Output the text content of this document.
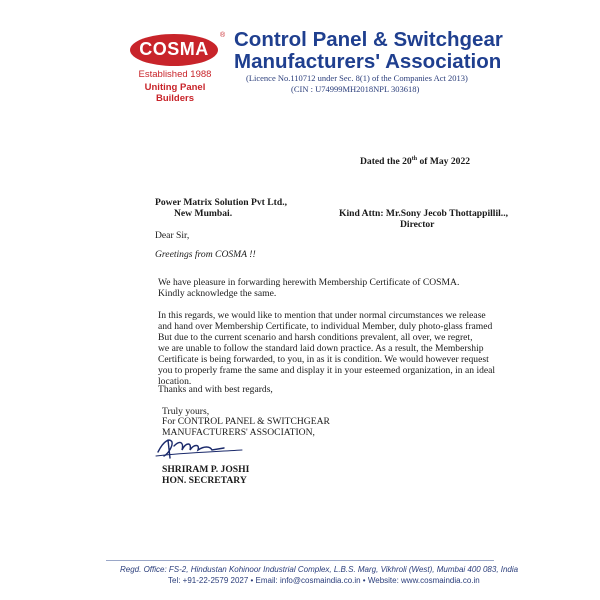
COSMA
®
Established 1988
Uniting Panel Builders
Control Panel & Switchgear
Manufacturers' Association
(Licence No.110712 under Sec. 8(1) of the Companies Act 2013)
(CIN : U74999MH2018NPL 303618)
Dated the 20th of May 2022
Power Matrix Solution Pvt Ltd.,
New Mumbai.	Kind Attn: Mr.Sony Jecob Thottappillil..,
Director
Dear Sir,
Greetings from COSMA !!
We have pleasure in forwarding herewith Membership Certificate of COSMA.
Kindly acknowledge the same.
In this regards, we would like to mention that under normal circumstances we release
and hand over Membership Certificate, to individual Member, duly photo-glass framed
But due to the current scenario and harsh conditions prevalent, all over, we regret,
we are unable to follow the standard laid down practice. As a result, the Membership
Certificate is being forwarded, to you, in as it is condition. We would however request
you to properly frame the same and display it in your esteemed organization, in an ideal
location.
Thanks and with best regards,
Truly yours,
For CONTROL PANEL & SWITCHGEAR
MANUFACTURERS' ASSOCIATION,
SHRIRAM P. JOSHI
HON. SECRETARY
Regd. Office: FS-2, Hindustan Kohinoor Industrial Complex, L.B.S. Marg, Vikhroli (West), Mumbai 400 083, India
Tel: +91-22-2579 2027 • Email: info@cosmaindia.co.in • Website: www.cosmaindia.co.in
